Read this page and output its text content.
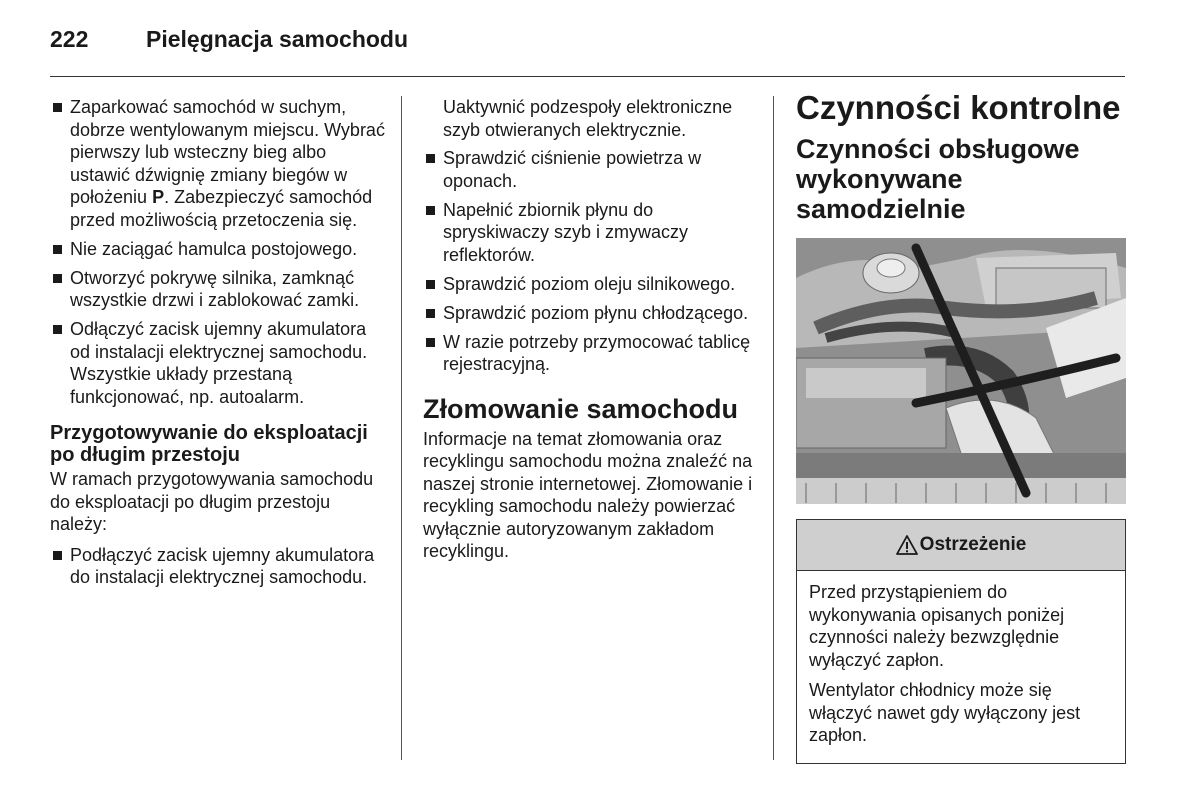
222	Pielęgnacja samochodu
Zaparkować samochód w suchym, dobrze wentylowanym miejscu. Wybrać pierwszy lub wsteczny bieg albo ustawić dźwignię zmiany biegów w położeniu P. Zabezpieczyć samochód przed możliwością przetoczenia się.
Nie zaciągać hamulca postojowego.
Otworzyć pokrywę silnika, zamknąć wszystkie drzwi i zablokować zamki.
Odłączyć zacisk ujemny akumulatora od instalacji elektrycznej samochodu. Wszystkie układy przestaną funkcjonować, np. autoalarm.
Przygotowywanie do eksploatacji po długim przestoju
W ramach przygotowywania samochodu do eksploatacji po długim przestoju należy:
Podłączyć zacisk ujemny akumulatora do instalacji elektrycznej samochodu.
Uaktywnić podzespoły elektroniczne szyb otwieranych elektrycznie.
Sprawdzić ciśnienie powietrza w oponach.
Napełnić zbiornik płynu do spryskiwaczy szyb i zmywaczy reflektorów.
Sprawdzić poziom oleju silnikowego.
Sprawdzić poziom płynu chłodzącego.
W razie potrzeby przymocować tablicę rejestracyjną.
Złomowanie samochodu
Informacje na temat złomowania oraz recyklingu samochodu można znaleźć na naszej stronie internetowej. Złomowanie i recykling samochodu należy powierzać wyłącznie autoryzowanym zakładom recyklingu.
Czynności kontrolne
Czynności obsługowe wykonywane samodzielnie
Ostrzeżenie

Przed przystąpieniem do wykonywania opisanych poniżej czynności należy bezwzględnie wyłączyć zapłon.

Wentylator chłodnicy może się włączyć nawet gdy wyłączony jest zapłon.
